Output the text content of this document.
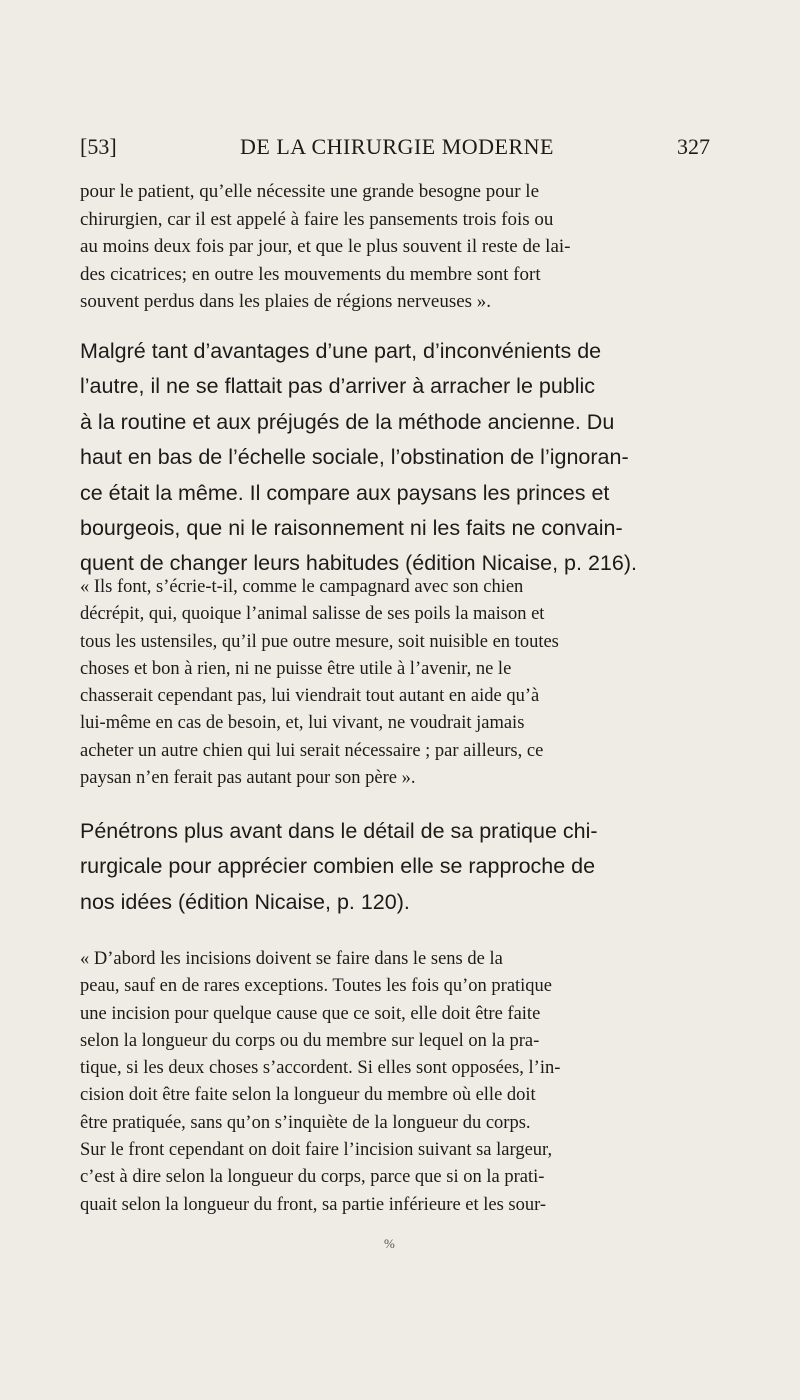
[53]	DE LA CHIRURGIE MODERNE	327

pour le patient, qu’elle nécessite une grande besogne pour le
chirurgien, car il est appelé à faire les pansements trois fois ou
au moins deux fois par jour, et que le plus souvent il reste de lai-
des cicatrices; en outre les mouvements du membre sont fort
souvent perdus dans les plaies de régions nerveuses ».

Malgré tant d’avantages d’une part, d’inconvénients de
l’autre, il ne se flattait pas d’arriver à arracher le public
à la routine et aux préjugés de la méthode ancienne. Du
haut en bas de l’échelle sociale, l’obstination de l’ignoran-
ce était la même. Il compare aux paysans les princes et
bourgeois, que ni le raisonnement ni les faits ne convain-
quent de changer leurs habitudes (édition Nicaise, p. 216).

« Ils font, s’écrie-t-il, comme le campagnard avec son chien
décrépit, qui, quoique l’animal salisse de ses poils la maison et
tous les ustensiles, qu’il pue outre mesure, soit nuisible en toutes
choses et bon à rien, ni ne puisse être utile à l’avenir, ne le
chasserait cependant pas, lui viendrait tout autant en aide qu’à
lui-même en cas de besoin, et, lui vivant, ne voudrait jamais
acheter un autre chien qui lui serait nécessaire ; par ailleurs, ce
paysan n’en ferait pas autant pour son père ».

Pénétrons plus avant dans le détail de sa pratique chi-
rurgicale pour apprécier combien elle se rapproche de
nos idées (édition Nicaise, p. 120).

« D’abord les incisions doivent se faire dans le sens de la
peau, sauf en de rares exceptions. Toutes les fois qu’on pratique
une incision pour quelque cause que ce soit, elle doit être faite
selon la longueur du corps ou du membre sur lequel on la pra-
tique, si les deux choses s’accordent. Si elles sont opposées, l’in-
cision doit être faite selon la longueur du membre où elle doit
être pratiquée, sans qu’on s’inquiète de la longueur du corps.
Sur le front cependant on doit faire l’incision suivant sa largeur,
c’est à dire selon la longueur du corps, parce que si on la prati-
quait selon la longueur du front, sa partie inférieure et les sour-

%
